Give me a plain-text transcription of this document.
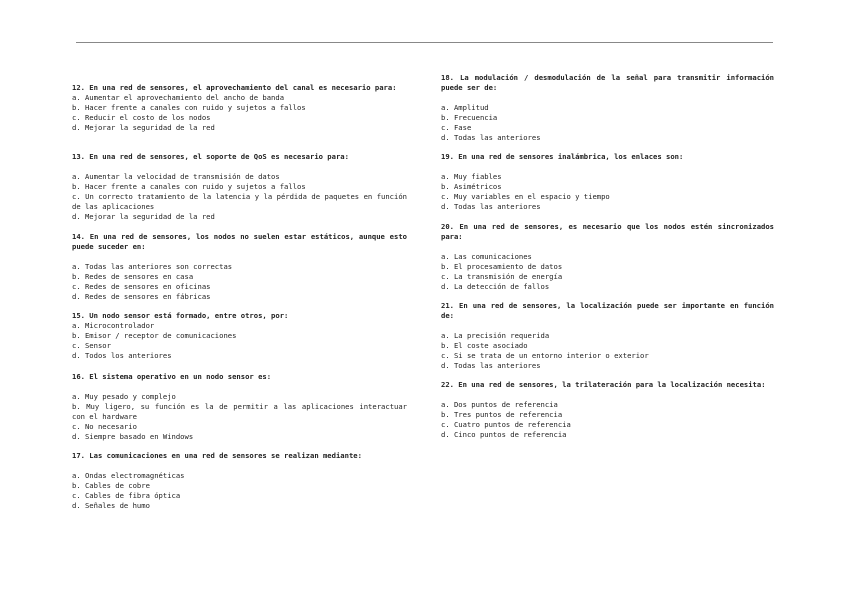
12. En una red de sensores, el aprovechamiento del canal es necesario para:
a. Aumentar el aprovechamiento del ancho de banda
b. Hacer frente a canales con ruido y sujetos a fallos
c. Reducir el costo de los nodos
d. Mejorar la seguridad de la red
13. En una red de sensores, el soporte de QoS es necesario para:
a. Aumentar la velocidad de transmisión de datos
b. Hacer frente a canales con ruido y sujetos a fallos
c. Un correcto tratamiento de la latencia y la pérdida de paquetes en función de las aplicaciones
d. Mejorar la seguridad de la red
14. En una red de sensores, los nodos no suelen estar estáticos, aunque esto puede suceder en:
a. Todas las anteriores son correctas
b. Redes de sensores en casa
c. Redes de sensores en oficinas
d. Redes de sensores en fábricas
15. Un nodo sensor está formado, entre otros, por:
a. Microcontrolador
b. Emisor / receptor de comunicaciones
c. Sensor
d. Todos los anteriores
16. El sistema operativo en un nodo sensor es:
a. Muy pesado y complejo
b. Muy ligero, su función es la de permitir a las aplicaciones interactuar con el hardware
c. No necesario
d. Siempre basado en Windows
17. Las comunicaciones en una red de sensores se realizan mediante:
a. Ondas electromagnéticas
b. Cables de cobre
c. Cables de fibra óptica
d. Señales de humo
18. La modulación / desmodulación de la señal para transmitir información puede ser de:
a. Amplitud
b. Frecuencia
c. Fase
d. Todas las anteriores
19. En una red de sensores inalámbrica, los enlaces son:
a. Muy fiables
b. Asimétricos
c. Muy variables en el espacio y tiempo
d. Todas las anteriores
20. En una red de sensores, es necesario que los nodos estén sincronizados para:
a. Las comunicaciones
b. El procesamiento de datos
c. La transmisión de energía
d. La detección de fallos
21. En una red de sensores, la localización puede ser importante en función de:
a. La precisión requerida
b. El coste asociado
c. Si se trata de un entorno interior o exterior
d. Todas las anteriores
22. En una red de sensores, la trilateración para la localización necesita:
a. Dos puntos de referencia
b. Tres puntos de referencia
c. Cuatro puntos de referencia
d. Cinco puntos de referencia
